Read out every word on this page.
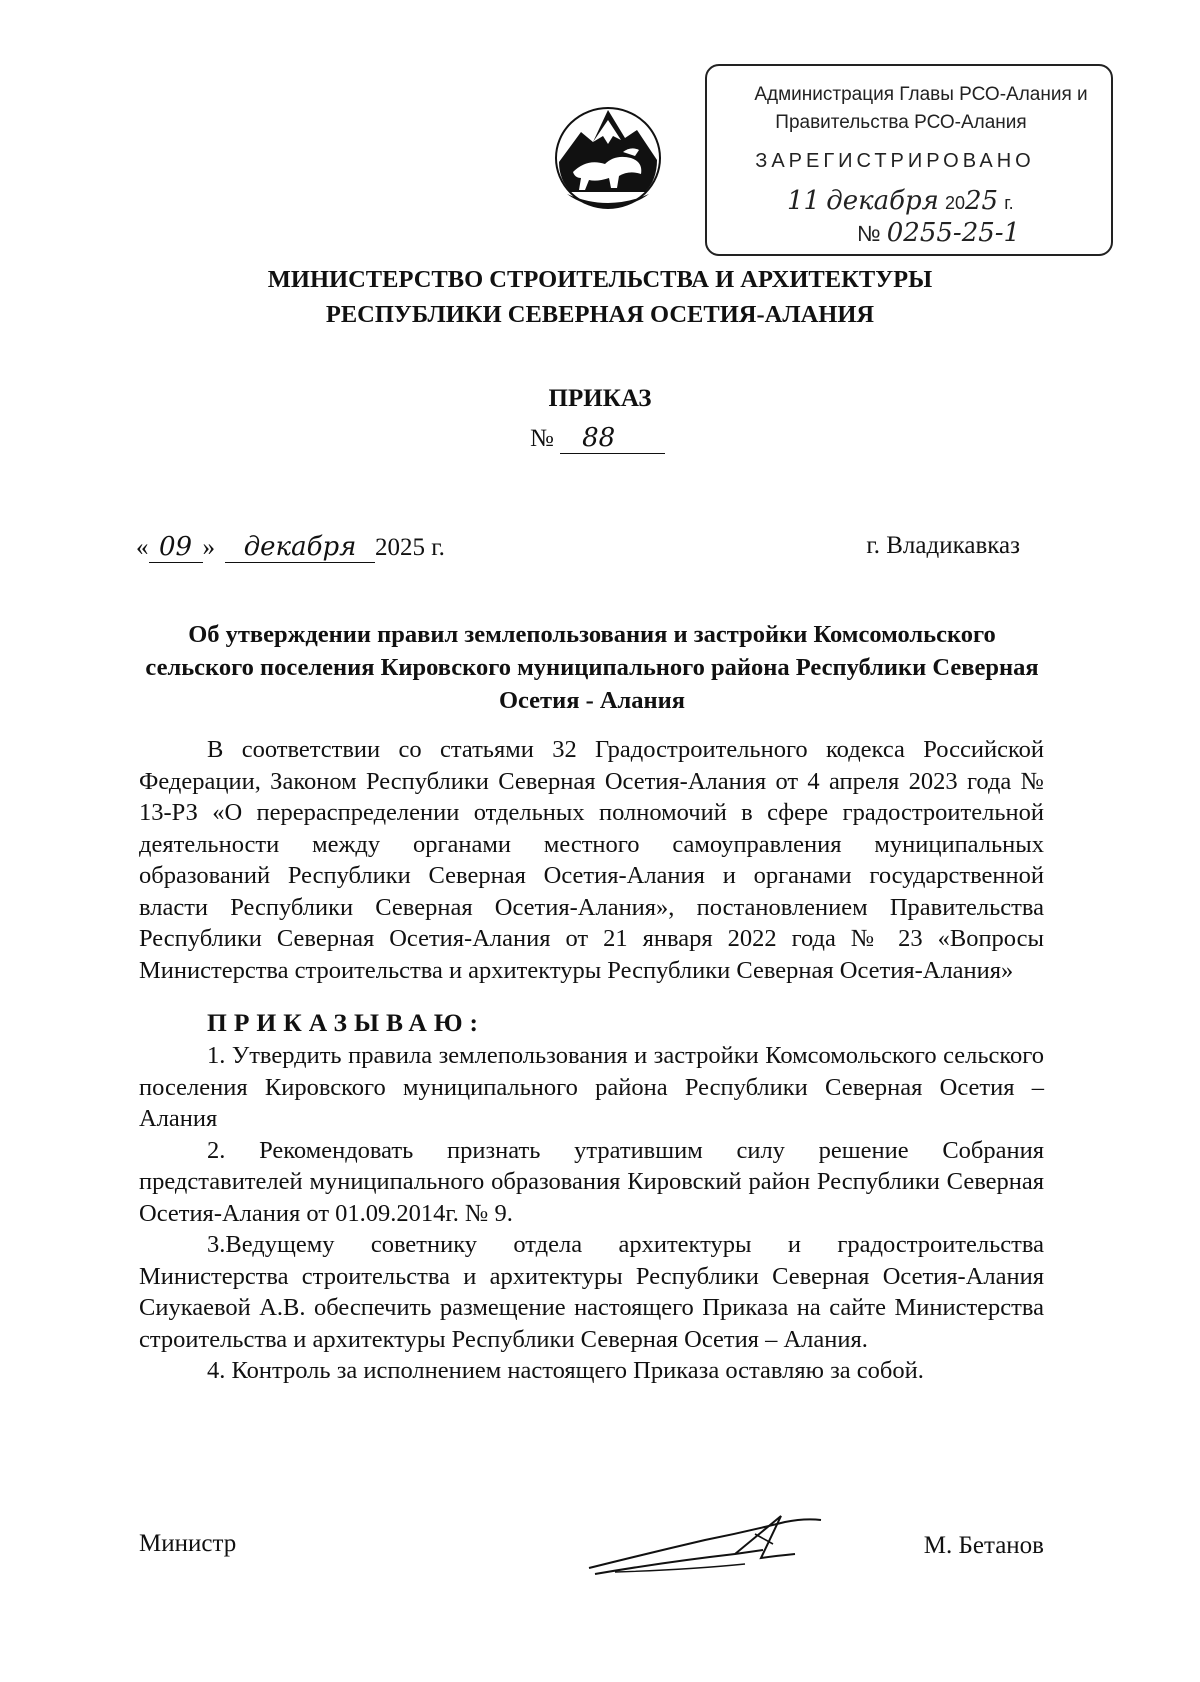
Администрация Главы РСО-Алания и
Правительства РСО-Алания
ЗАРЕГИСТРИРОВАНО
11 декабря 2025 г.
№ 0255-25-1
МИНИСТЕРСТВО СТРОИТЕЛЬСТВА И АРХИТЕКТУРЫ
РЕСПУБЛИКИ СЕВЕРНАЯ ОСЕТИЯ-АЛАНИЯ
ПРИКАЗ
№ 88
« 09 » декабря 2025 г.	г. Владикавказ
Об утверждении правил землепользования и застройки Комсомольского сельского поселения Кировского муниципального района Республики Северная Осетия - Алания

В соответствии со статьями 32 Градостроительного кодекса Российской Федерации, Законом Республики Северная Осетия-Алания от 4 апреля 2023 года № 13-РЗ «О перераспределении отдельных полномочий в сфере градостроительной деятельности между органами местного самоуправления муниципальных образований Республики Северная Осетия-Алания и органами государственной власти Республики Северная Осетия-Алания», постановлением Правительства Республики Северная Осетия-Алания от 21 января 2022 года № 23 «Вопросы Министерства строительства и архитектуры Республики Северная Осетия-Алания»

ПРИКАЗЫВАЮ:

1. Утвердить правила землепользования и застройки Комсомольского сельского поселения Кировского муниципального района Республики Северная Осетия – Алания

2. Рекомендовать признать утратившим силу решение Собрания представителей муниципального образования Кировский район Республики Северная Осетия-Алания от 01.09.2014г. № 9.

3.Ведущему советнику отдела архитектуры и градостроительства Министерства строительства и архитектуры Республики Северная Осетия-Алания Сиукаевой А.В. обеспечить размещение настоящего Приказа на сайте Министерства строительства и архитектуры Республики Северная Осетия – Алания.

4. Контроль за исполнением настоящего Приказа оставляю за собой.

Министр	М. Бетанов
